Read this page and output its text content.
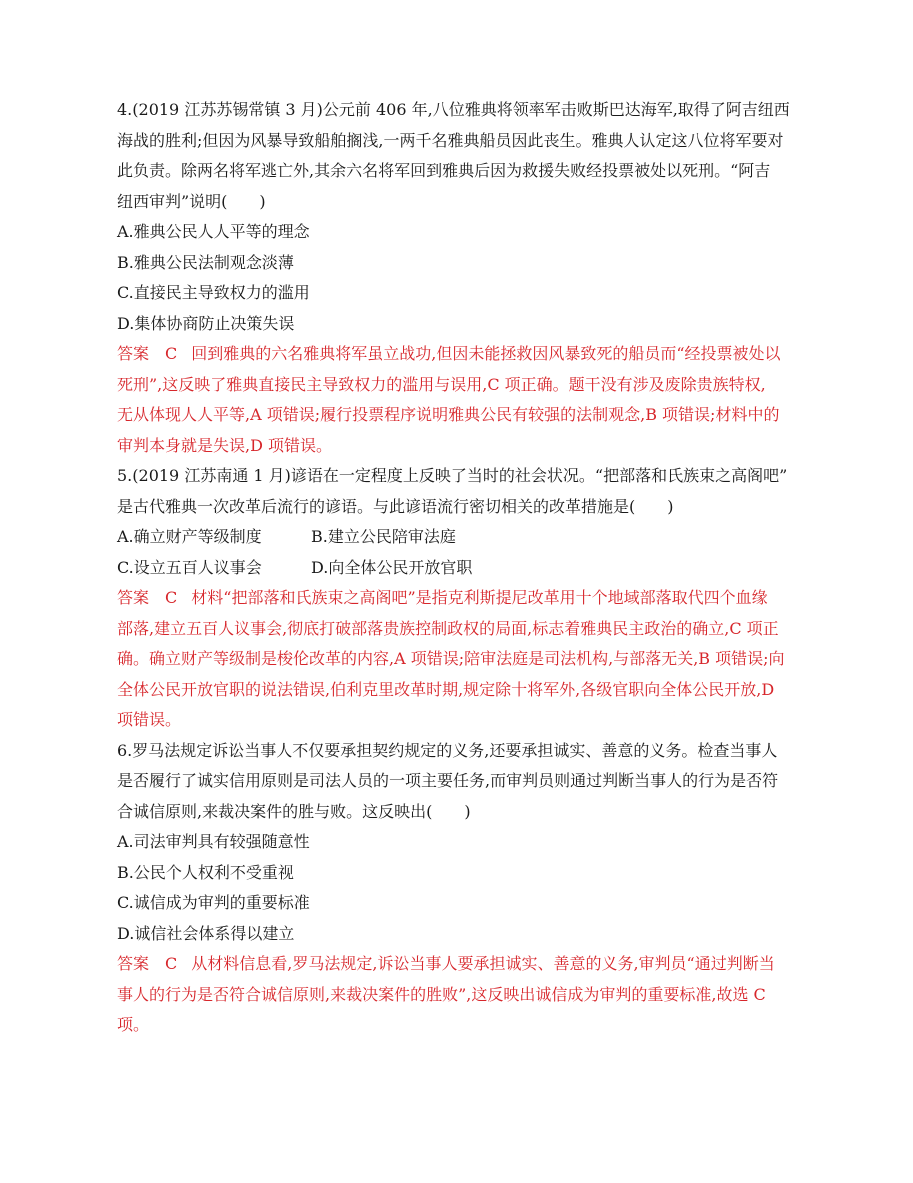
4.(2019 江苏苏锡常镇 3 月)公元前 406 年,八位雅典将领率军击败斯巴达海军,取得了阿吉纽西
海战的胜利;但因为风暴导致船舶搁浅,一两千名雅典船员因此丧生。雅典人认定这八位将军要对
此负责。除两名将军逃亡外,其余六名将军回到雅典后因为救援失败经投票被处以死刑。“阿吉
纽西审判”说明(　　)
A.雅典公民人人平等的理念
B.雅典公民法制观念淡薄
C.直接民主导致权力的滥用
D.集体协商防止决策失误
答案 C 回到雅典的六名雅典将军虽立战功,但因未能拯救因风暴致死的船员而“经投票被处以
死刑”,这反映了雅典直接民主导致权力的滥用与误用,C 项正确。题干没有涉及废除贵族特权,
无从体现人人平等,A 项错误;履行投票程序说明雅典公民有较强的法制观念,B 项错误;材料中的
审判本身就是失误,D 项错误。
5.(2019 江苏南通 1 月)谚语在一定程度上反映了当时的社会状况。“把部落和氏族束之高阁吧”
是古代雅典一次改革后流行的谚语。与此谚语流行密切相关的改革措施是(　　)
A.确立财产等级制度	B.建立公民陪审法庭
C.设立五百人议事会	D.向全体公民开放官职
答案 C 材料“把部落和氏族束之高阁吧”是指克利斯提尼改革用十个地域部落取代四个血缘
部落,建立五百人议事会,彻底打破部落贵族控制政权的局面,标志着雅典民主政治的确立,C 项正
确。确立财产等级制是梭伦改革的内容,A 项错误;陪审法庭是司法机构,与部落无关,B 项错误;向
全体公民开放官职的说法错误,伯利克里改革时期,规定除十将军外,各级官职向全体公民开放,D
项错误。
6.罗马法规定诉讼当事人不仅要承担契约规定的义务,还要承担诚实、善意的义务。检查当事人
是否履行了诚实信用原则是司法人员的一项主要任务,而审判员则通过判断当事人的行为是否符
合诚信原则,来裁决案件的胜与败。这反映出(　　)
A.司法审判具有较强随意性
B.公民个人权利不受重视
C.诚信成为审判的重要标准
D.诚信社会体系得以建立
答案 C 从材料信息看,罗马法规定,诉讼当事人要承担诚实、善意的义务,审判员“通过判断当
事人的行为是否符合诚信原则,来裁决案件的胜败”,这反映出诚信成为审判的重要标准,故选 C
项。
